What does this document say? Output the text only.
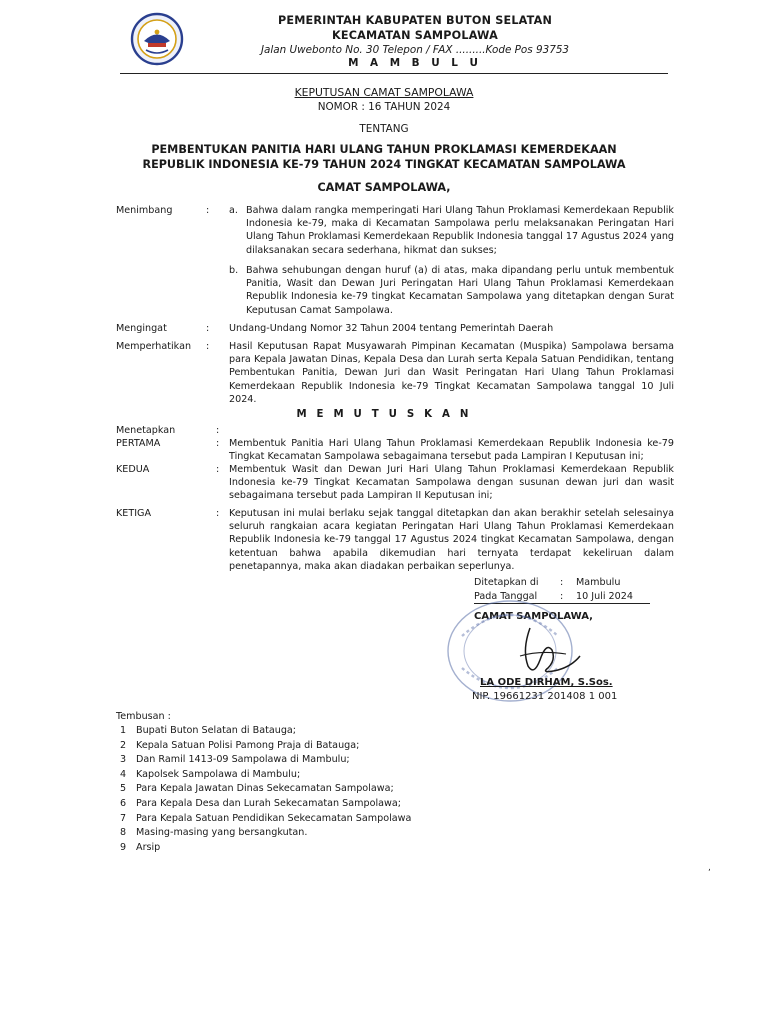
PEMERINTAH KABUPATEN BUTON SELATAN
KECAMATAN SAMPOLAWA
Jalan Uwebonto No. 30 Telepon / FAX .........Kode Pos 93753
M A M B U L U
KEPUTUSAN CAMAT SAMPOLAWA
NOMOR : 16 TAHUN 2024
TENTANG
PEMBENTUKAN PANITIA HARI ULANG TAHUN PROKLAMASI KEMERDEKAAN
REPUBLIK INDONESIA KE-79 TAHUN 2024 TINGKAT KECAMATAN SAMPOLAWA
CAMAT SAMPOLAWA,
Menimbang	: a. Bahwa dalam rangka memperingati Hari Ulang Tahun Proklamasi Kemerdekaan Republik Indonesia ke-79, maka di Kecamatan Sampolawa perlu melaksanakan Peringatan Hari Ulang Tahun Proklamasi Kemerdekaan Republik Indonesia tanggal 17 Agustus 2024 yang dilaksanakan secara sederhana, hikmat dan sukses;
b. Bahwa sehubungan dengan huruf (a) di atas, maka dipandang perlu untuk membentuk Panitia, Wasit dan Dewan Juri Peringatan Hari Ulang Tahun Proklamasi Kemerdekaan Republik Indonesia ke-79 tingkat Kecamatan Sampolawa yang ditetapkan dengan Surat Keputusan Camat Sampolawa.
Mengingat	: Undang-Undang Nomor 32 Tahun 2004 tentang Pemerintah Daerah
Memperhatikan : Hasil Keputusan Rapat Musyawarah Pimpinan Kecamatan (Muspika) Sampolawa bersama para Kepala Jawatan Dinas, Kepala Desa dan Lurah serta Kepala Satuan Pendidikan, tentang Pembentukan Panitia, Dewan Juri dan Wasit Peringatan Hari Ulang Tahun Proklamasi Kemerdekaan Republik Indonesia ke-79 Tingkat Kecamatan Sampolawa tanggal 10 Juli 2024.
M E M U T U S K A N
Menetapkan	:
PERTAMA	: Membentuk Panitia Hari Ulang Tahun Proklamasi Kemerdekaan Republik Indonesia ke-79 Tingkat Kecamatan Sampolawa sebagaimana tersebut pada Lampiran I Keputusan ini;
KEDUA	: Membentuk Wasit dan Dewan Juri Hari Ulang Tahun Proklamasi Kemerdekaan Republik Indonesia ke-79 Tingkat Kecamatan Sampolawa dengan susunan dewan juri dan wasit sebagaimana tersebut pada Lampiran II Keputusan ini;
KETIGA	: Keputusan ini mulai berlaku sejak tanggal ditetapkan dan akan berakhir setelah selesainya seluruh rangkaian acara kegiatan Peringatan Hari Ulang Tahun Proklamasi Kemerdekaan Republik Indonesia ke-79 tanggal 17 Agustus 2024 tingkat Kecamatan Sampolawa, dengan ketentuan bahwa apabila dikemudian hari ternyata terdapat kekeliruan dalam penetapannya, maka akan diadakan perbaikan seperlunya.
Ditetapkan di : Mambulu
Pada Tanggal : 10 Juli 2024
CAMAT SAMPOLAWA,
LA ODE DIRHAM, S.Sos.
NIP. 19661231 201408 1 001
Tembusan :
1 Bupati Buton Selatan di Batauga;
2 Kepala Satuan Polisi Pamong Praja di Batauga;
3 Dan Ramil 1413-09 Sampolawa di Mambulu;
4 Kapolsek Sampolawa di Mambulu;
5 Para Kepala Jawatan Dinas Sekecamatan Sampolawa;
6 Para Kepala Desa dan Lurah Sekecamatan Sampolawa;
7 Para Kepala Satuan Pendidikan Sekecamatan Sampolawa
8 Masing-masing yang bersangkutan.
9 Arsip
,
